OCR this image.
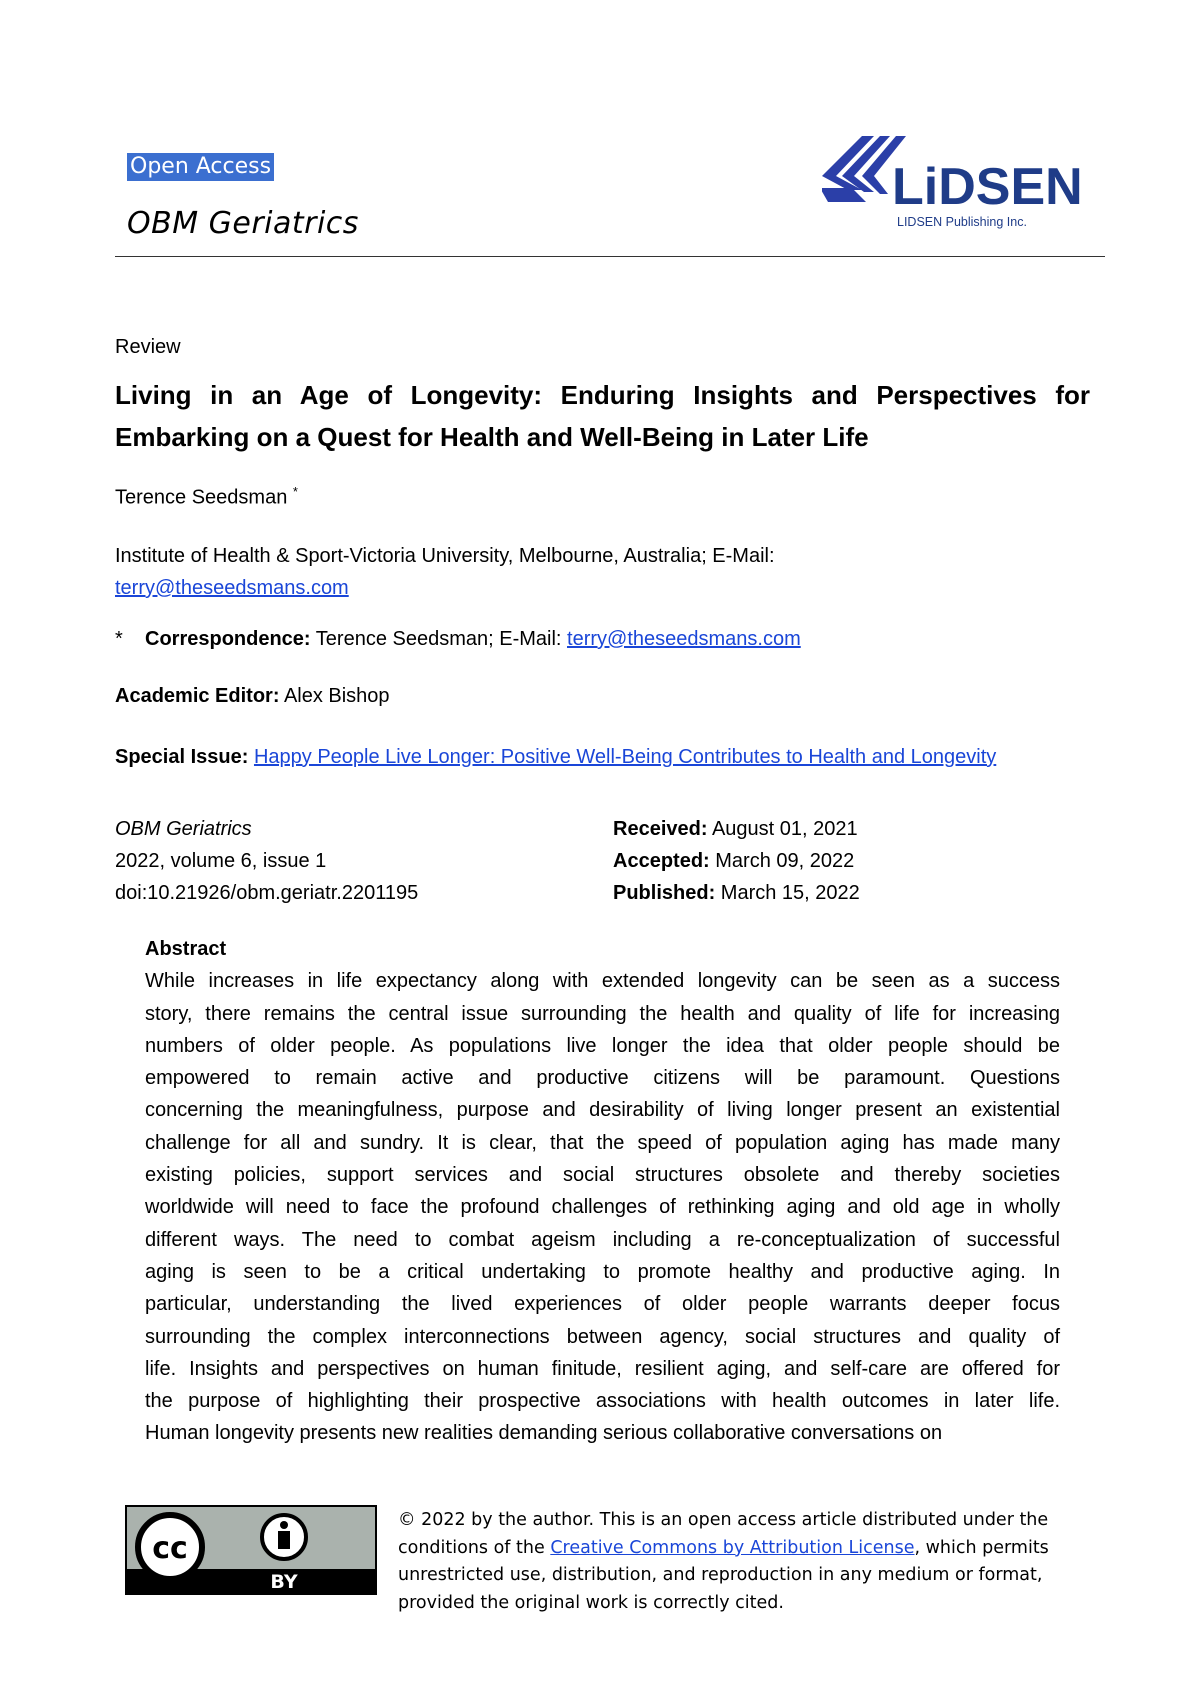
Open Access
OBM Geriatrics
LiDSEN
LIDSEN Publishing Inc.
Review
Living in an Age of Longevity: Enduring Insights and Perspectives for Embarking on a Quest for Health and Well-Being in Later Life
Terence Seedsman *
Institute of Health & Sport-Victoria University, Melbourne, Australia; E-Mail:
terry@theseedsmans.com
* Correspondence: Terence Seedsman; E-Mail: terry@theseedsmans.com
Academic Editor: Alex Bishop
Special Issue: Happy People Live Longer: Positive Well-Being Contributes to Health and Longevity
OBM Geriatrics
2022, volume 6, issue 1
doi:10.21926/obm.geriatr.2201195
Received: August 01, 2021
Accepted: March 09, 2022
Published: March 15, 2022
Abstract

While increases in life expectancy along with extended longevity can be seen as a success

story, there remains the central issue surrounding the health and quality of life for increasing

numbers of older people. As populations live longer the idea that older people should be

empowered to remain active and productive citizens will be paramount. Questions

concerning the meaningfulness, purpose and desirability of living longer present an existential

challenge for all and sundry. It is clear, that the speed of population aging has made many

existing policies, support services and social structures obsolete and thereby societies

worldwide will need to face the profound challenges of rethinking aging and old age in wholly

different ways. The need to combat ageism including a re-conceptualization of successful

aging is seen to be a critical undertaking to promote healthy and productive aging. In

particular, understanding the lived experiences of older people warrants deeper focus

surrounding the complex interconnections between agency, social structures and quality of

life. Insights and perspectives on human finitude, resilient aging, and self-care are offered for

the purpose of highlighting their prospective associations with health outcomes in later life.

Human longevity presents new realities demanding serious collaborative conversations on

cc
BY
© 2022 by the author. This is an open access article distributed under the conditions of the Creative Commons by Attribution License, which permits unrestricted use, distribution, and reproduction in any medium or format, provided the original work is correctly cited.
